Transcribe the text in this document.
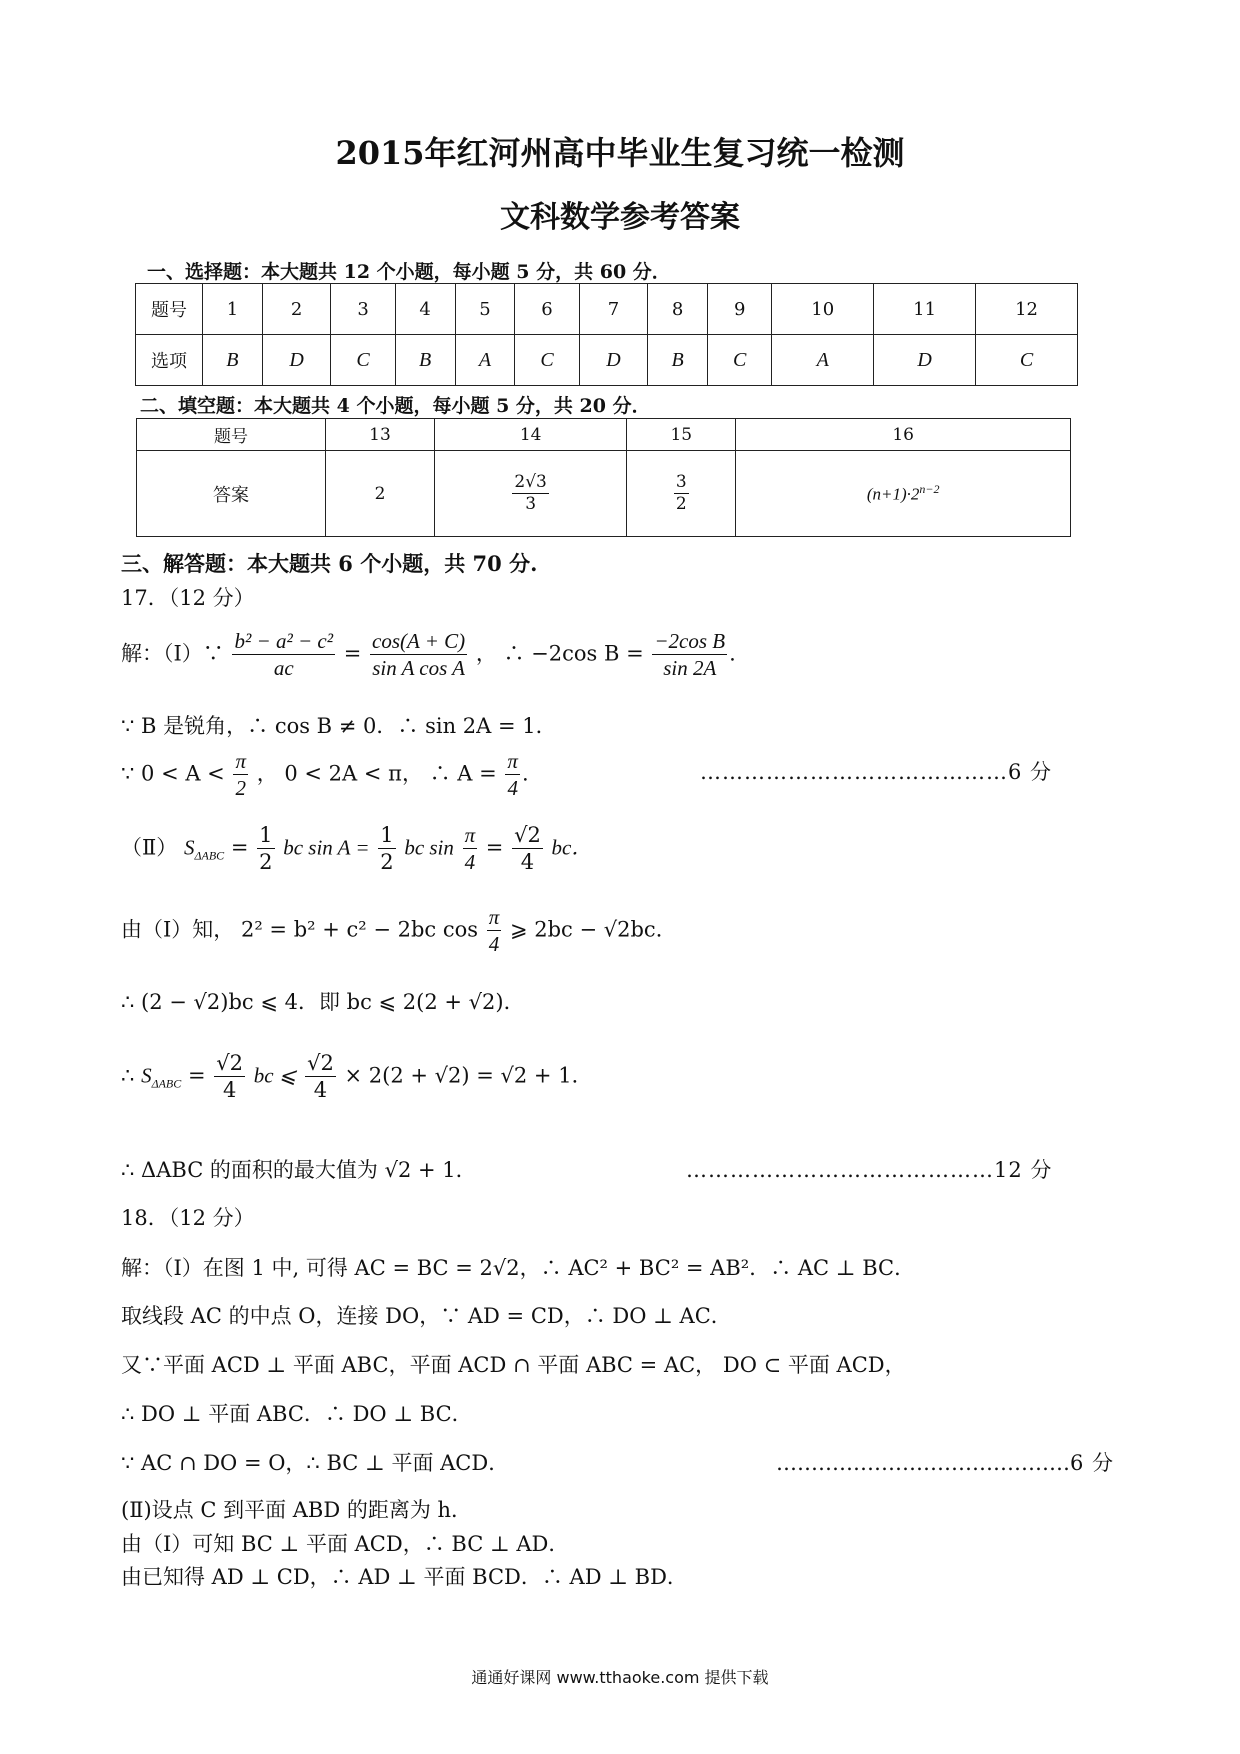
2015年红河州高中毕业生复习统一检测
文科数学参考答案
一、选择题：本大题共 12 个小题，每小题 5 分，共 60 分．
题号	1	2	3	4	5	6	7	8	9	10	11	12
选项	B	D	C	B	A	C	D	B	C	A	D	C
二、填空题：本大题共 4 个小题，每小题 5 分，共 20 分．
题号	13	14	15	16
答案	2	$\frac{2√3}{3}$	$\frac{3}{2}$	$(n+1)\cdot 2^{n-2}$
三、解答题：本大题共 6 个小题，共 70 分.
17．（12 分）
解：（Ⅰ）∵ $\frac{\text{b² − a² − c²}}{ac} = \frac{\cos(A + C)}{\text{sin A cos A}}$ ， ∴ −2cos $B = \frac{\text{−2cos B}}{\sin 2A}$ .
∵ B 是锐角，∴ cos B ≠ 0．∴ sin 2A = 1．
∵ $0 < A < \frac{\pi}{2}$ ， 0 < 2A < π， ∴ $A = \frac{\pi}{4}$ .	……………………………………6 分
（Ⅱ） $S_{\Delta ABC} = \frac{1}{2}$ bc $\sin A = \frac{1}{2}$ bc $\sin \frac{\pi}{4} = \frac{√2}{4}$ bc．
由（Ⅰ）知， 2² = b² + c² − 2bc $\cos \frac{\pi}{4}$ ⩾ 2bc − √2bc．
∴ (2 − √2)bc ⩽ 4．即 bc ⩽ 2(2 + √2)．
∴ $S_{\Delta ABC} = \frac{√2}{4}$ bc ⩽ $\frac{√2}{4} \times 2(2 + √2) = √2 + 1$．
∴ ΔABC 的面积的最大值为 √2 + 1．	……………………………………12 分
18．（12 分）
解：（Ⅰ）在图 1 中, 可得 AC = BC = 2√2，∴ AC² + BC² = AB²．∴ AC ⊥ BC．
取线段 AC 的中点 O，连接 DO，∵ AD = CD，∴ DO ⊥ AC．
又∵平面 ACD ⊥ 平面 ABC，平面 ACD ∩ 平面 ABC = AC， DO ⊂ 平面 ACD，
∴ DO ⊥ 平面 ABC．∴ DO ⊥ BC．
∵ AC ∩ DO = O，∴ BC ⊥ 平面 ACD．	……………………………………6 分
(Ⅱ)设点 C 到平面 ABD 的距离为 h．
由（Ⅰ）可知 BC ⊥ 平面 ACD，∴ BC ⊥ AD．
由已知得 AD ⊥ CD，∴ AD ⊥ 平面 BCD．∴ AD ⊥ BD．
通通好课网 www.tthaoke.com 提供下载
